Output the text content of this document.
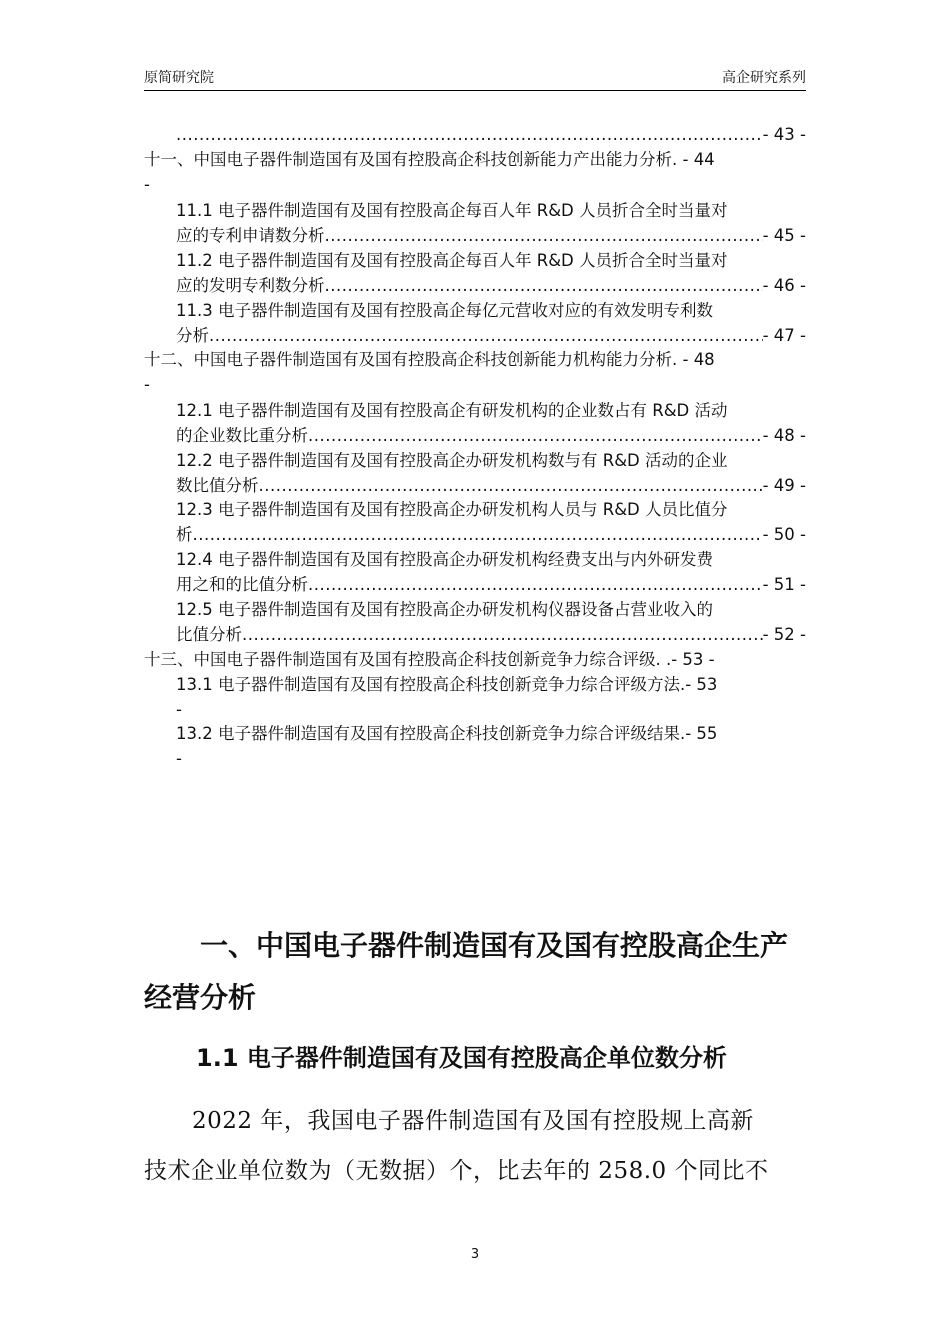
原简研究院	高企研究系列
.....
- 43 -
十一、中国电子器件制造国有及国有控股高企科技创新能力产出能力分析 . - 44
-
11.1 电子器件制造国有及国有控股高企每百人年 R&D 人员折合全时当量对
应的专利申请数分析 .....	- 45 -
11.2 电子器件制造国有及国有控股高企每百人年 R&D 人员折合全时当量对
应的发明专利数分析 .....	- 46 -
11.3 电子器件制造国有及国有控股高企每亿元营收对应的有效发明专利数
分析 .....	- 47 -
十二、中国电子器件制造国有及国有控股高企科技创新能力机构能力分析 . - 48
-
12.1 电子器件制造国有及国有控股高企有研发机构的企业数占有 R&D 活动
的企业数比重分析 .....	- 48 -
12.2 电子器件制造国有及国有控股高企办研发机构数与有 R&D 活动的企业
数比值分析 .....	- 49 -
12.3 电子器件制造国有及国有控股高企办研发机构人员与 R&D 人员比值分
析 .....	- 50 -
12.4 电子器件制造国有及国有控股高企办研发机构经费支出与内外研发费
用之和的比值分析 .....	- 51 -
12.5 电子器件制造国有及国有控股高企办研发机构仪器设备占营业收入的
比值分析 .....	- 52 -
十三、中国电子器件制造国有及国有控股高企科技创新竞争力综合评级 . .- 53 -
13.1 电子器件制造国有及国有控股高企科技创新竞争力综合评级方法 .- 53
-
13.2 电子器件制造国有及国有控股高企科技创新竞争力综合评级结果 .- 55
-
一、中国电子器件制造国有及国有控股高企生产
经营分析
1.1 电子器件制造国有及国有控股高企单位数分析
2022 年，我国电子器件制造国有及国有控股规上高新
技术企业单位数为（无数据）个，比去年的 258.0 个同比不
3
